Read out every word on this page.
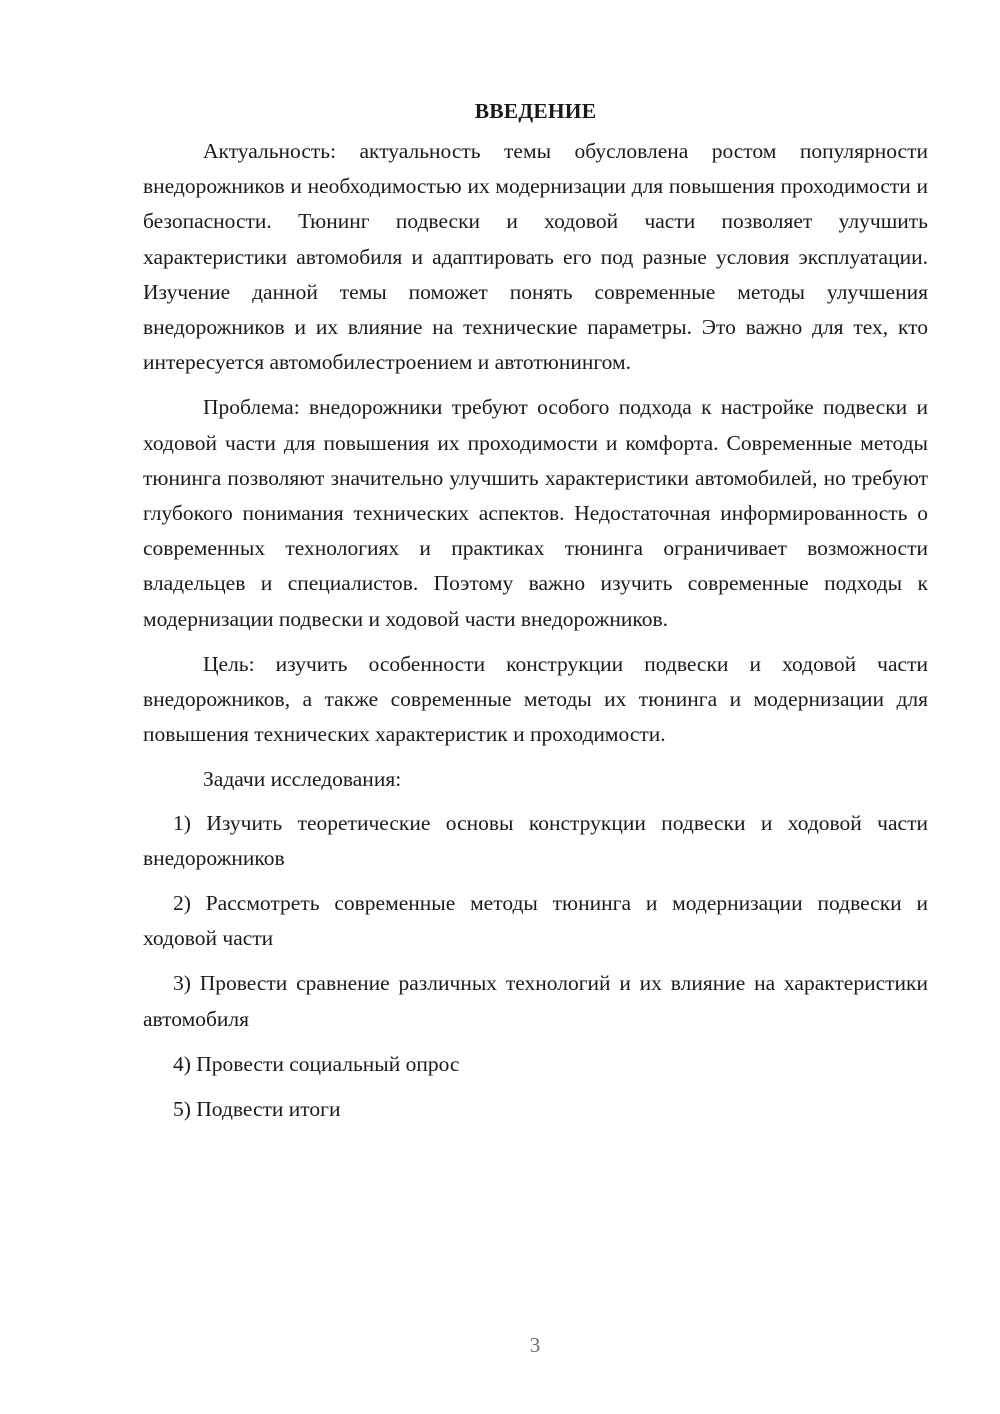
ВВЕДЕНИЕ

Актуальность: актуальность темы обусловлена ростом популярности внедорожников и необходимостью их модернизации для повышения проходимости и безопасности. Тюнинг подвески и ходовой части позволяет улучшить характеристики автомобиля и адаптировать его под разные условия эксплуатации. Изучение данной темы поможет понять современные методы улучшения внедорожников и их влияние на технические параметры. Это важно для тех, кто интересуется автомобилестроением и автотюнингом.

Проблема: внедорожники требуют особого подхода к настройке подвески и ходовой части для повышения их проходимости и комфорта. Современные методы тюнинга позволяют значительно улучшить характеристики автомобилей, но требуют глубокого понимания технических аспектов. Недостаточная информированность о современных технологиях и практиках тюнинга ограничивает возможности владельцев и специалистов. Поэтому важно изучить современные подходы к модернизации подвески и ходовой части внедорожников.

Цель: изучить особенности конструкции подвески и ходовой части внедорожников, а также современные методы их тюнинга и модернизации для повышения технических характеристик и проходимости.

Задачи исследования:

1) Изучить теоретические основы конструкции подвески и ходовой части внедорожников

2) Рассмотреть современные методы тюнинга и модернизации подвески и ходовой части

3) Провести сравнение различных технологий и их влияние на характеристики автомобиля

4) Провести социальный опрос

5) Подвести итоги

3
